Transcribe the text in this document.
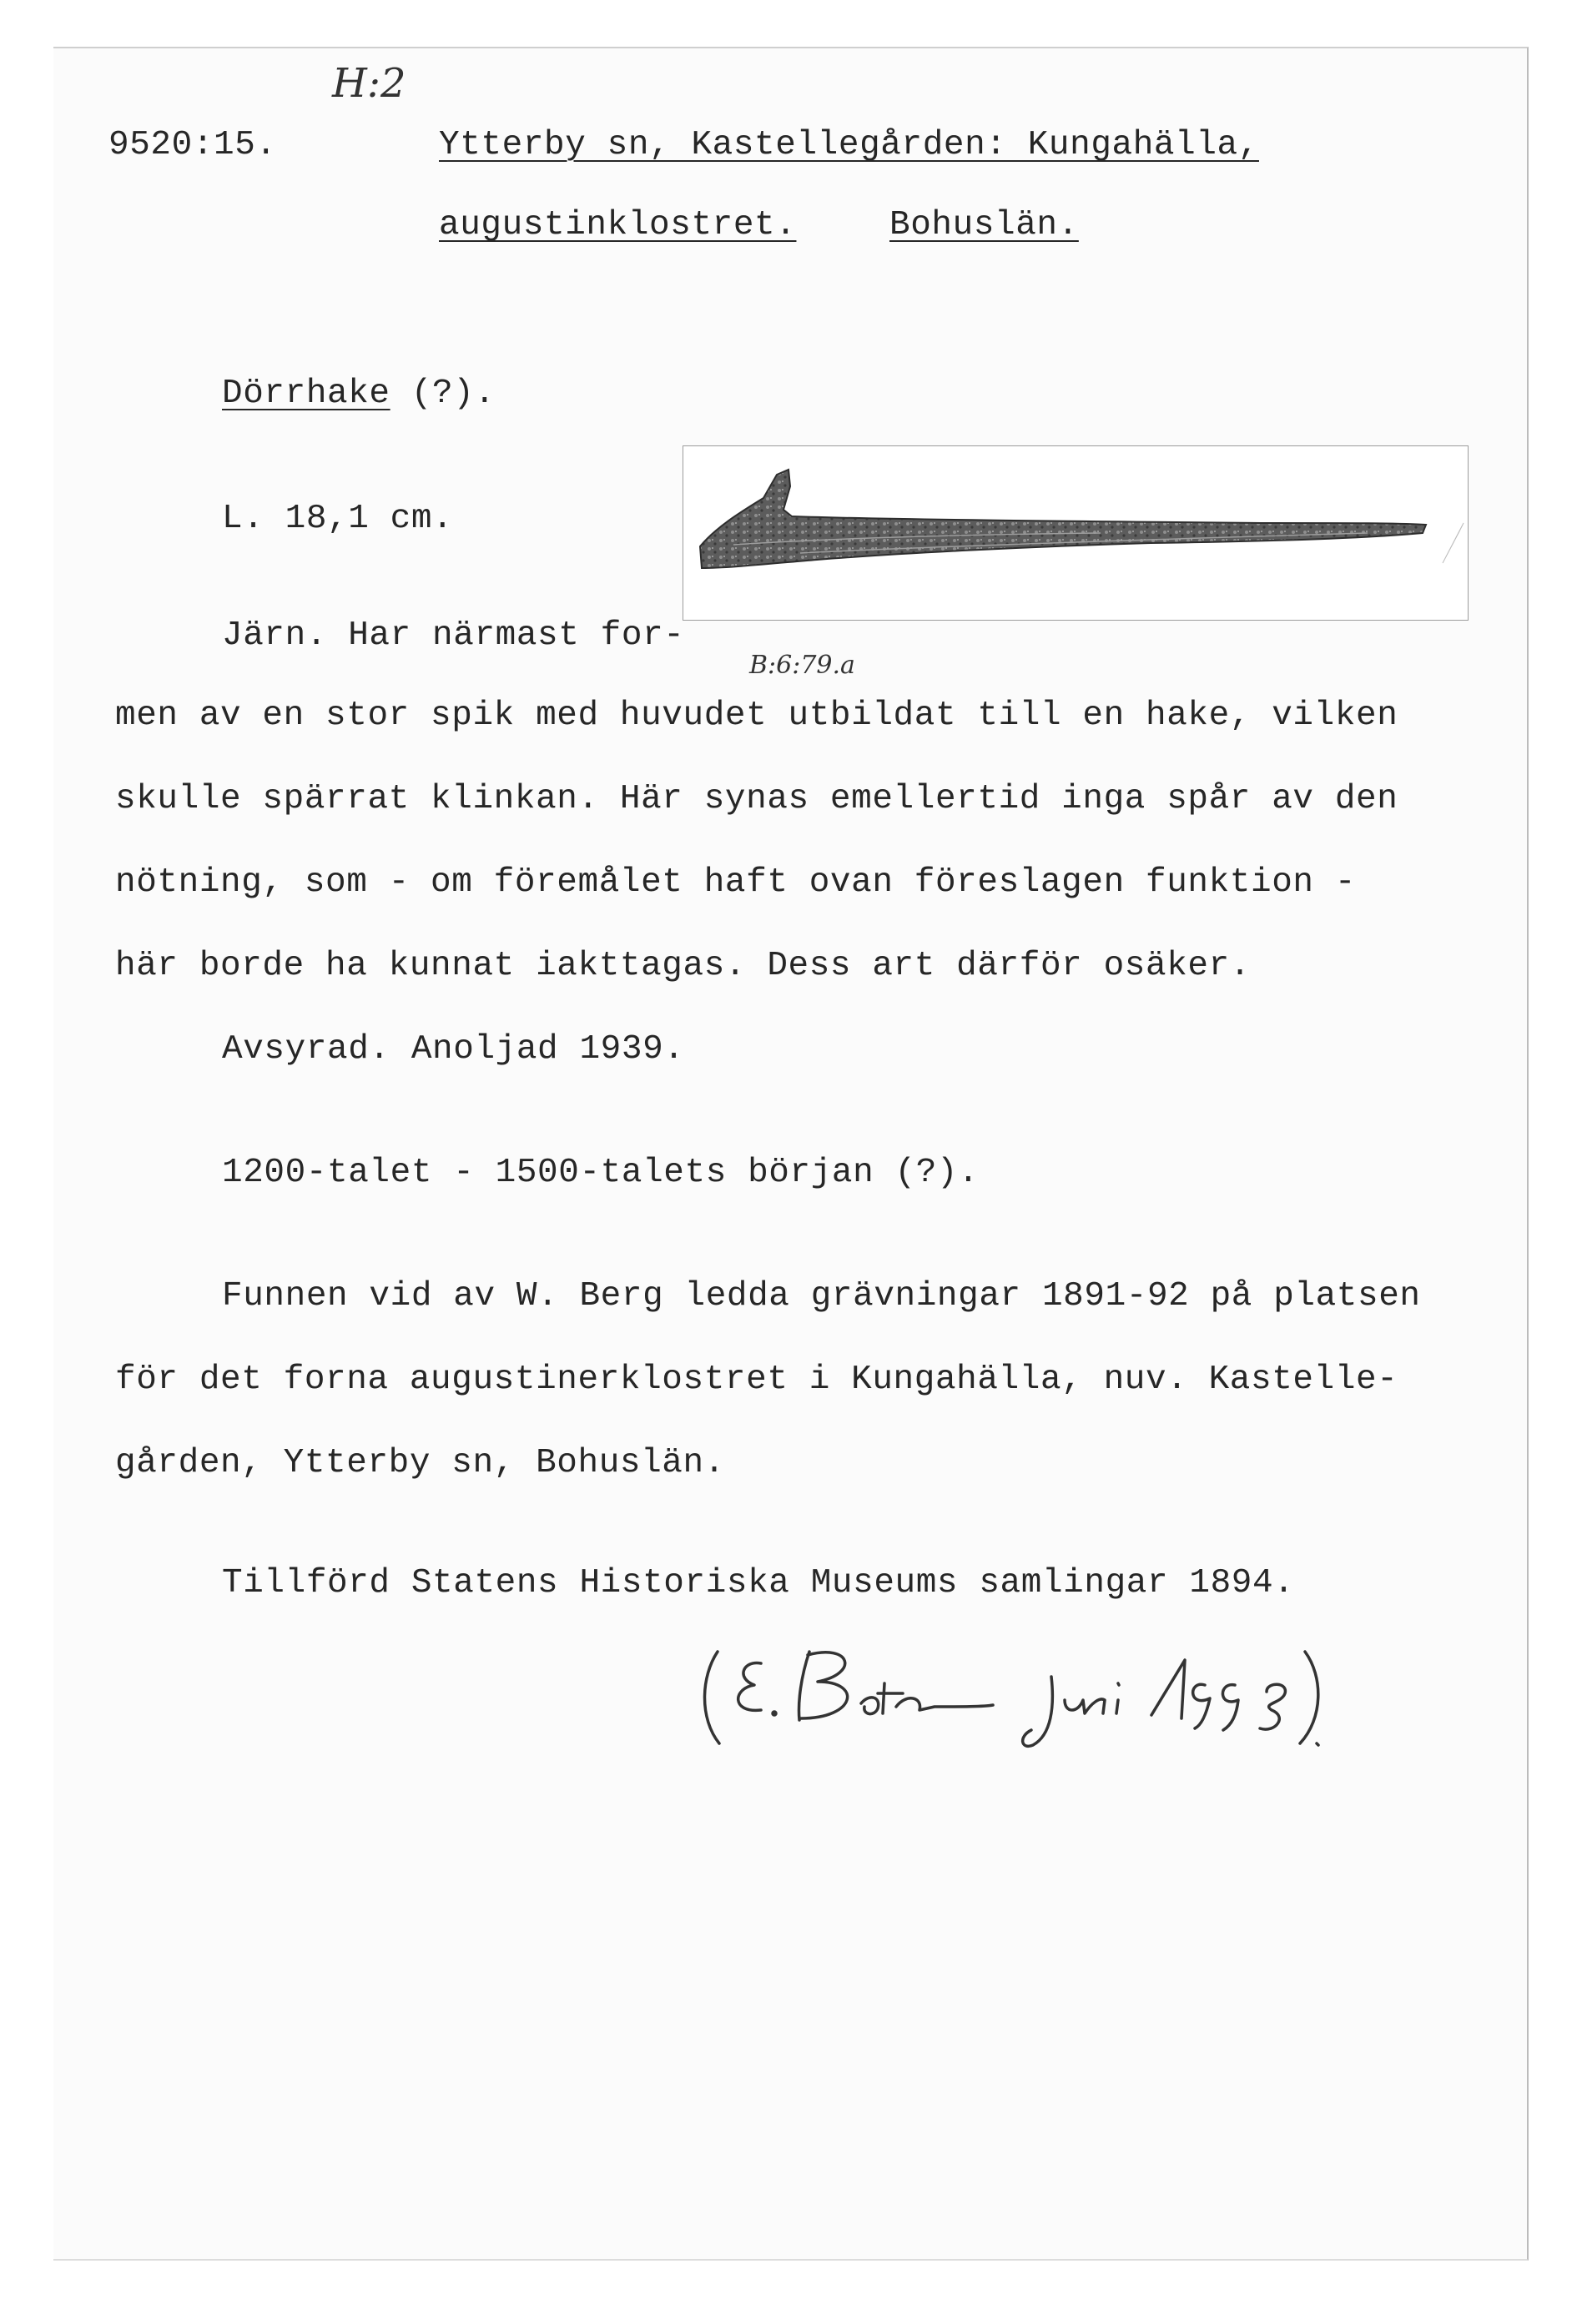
H:2
9520:15.	Ytterby sn, Kastellegården: Kungahälla,
augustinklostret.	Bohuslän.
Dörrhake (?).
L. 18,1 cm.
B:6:79.a
Järn. Har närmast for-
men av en stor spik med huvudet utbildat till en hake, vilken
skulle spärrat klinkan. Här synas emellertid inga spår av den
nötning, som - om föremålet haft ovan föreslagen funktion -
här borde ha kunnat iakttagas. Dess art därför osäker.
Avsyrad. Anoljad 1939.
1200-talet - 1500-talets början (?).
Funnen vid av W. Berg ledda grävningar 1891-92 på platsen
för det forna augustinerklostret i Kungahälla, nuv. Kastelle-
gården, Ytterby sn, Bohuslän.
Tillförd Statens Historiska Museums samlingar 1894.
